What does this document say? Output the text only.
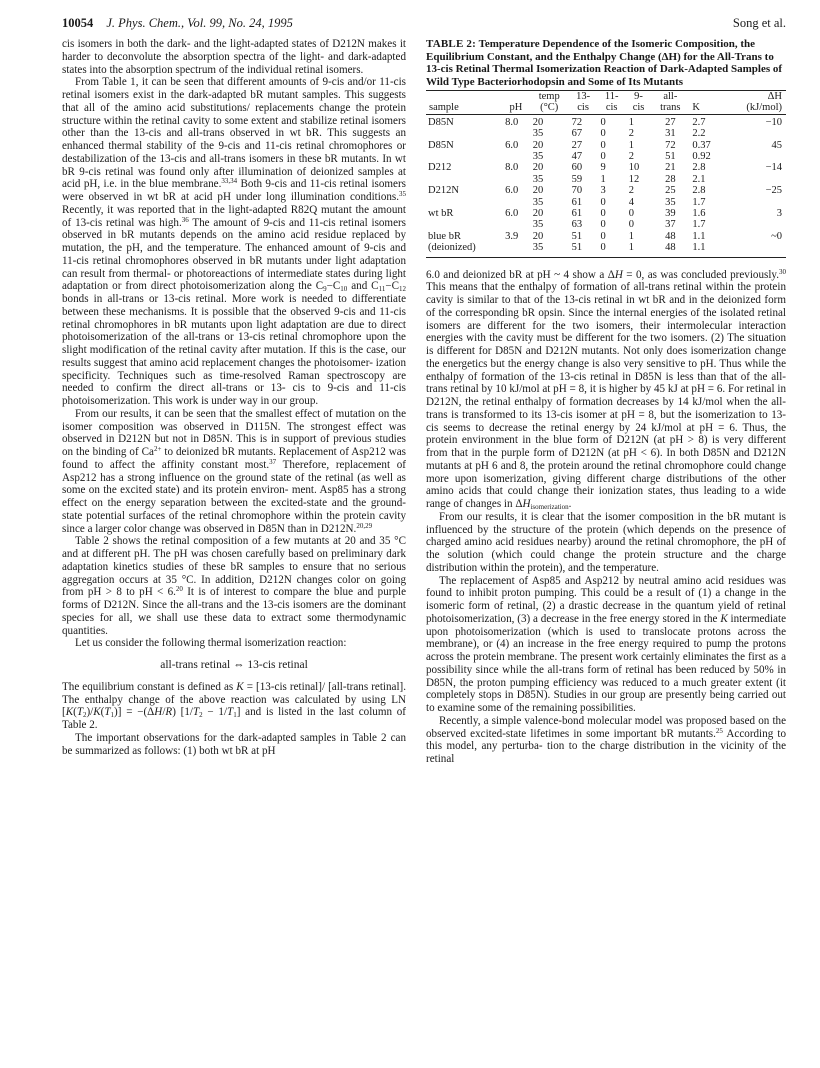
10054 J. Phys. Chem., Vol. 99, No. 24, 1995	Song et al.

cis isomers in both the dark- and the light-adapted states of D212N makes it harder to deconvolute the absorption spectra of the light- and dark-adapted states into the absorption spectrum of the individual retinal isomers.

From Table 1, it can be seen that different amounts of 9-cis and/or 11-cis retinal isomers exist in the dark-adapted bR mutant samples. This suggests that all of the amino acid substitutions/ replacements change the protein structure within the retinal cavity to some extent and stabilize retinal isomers other than the 13-cis and all-trans observed in wt bR. This suggests an enhanced thermal stability of the 9-cis and 11-cis retinal chromophores or destabilization of the 13-cis and all-trans isomers in these bR mutants. In wt bR 9-cis retinal was found only after illumination of deionized samples at acid pH, i.e. in the blue membrane.$^{33,34}$ Both 9-cis and 11-cis retinal isomers were observed in wt bR at acid pH under long illumination conditions.$^{35}$ Recently, it was reported that in the light-adapted R82Q mutant the amount of 13-cis retinal was high.$^{36}$ The amount of 9-cis and 11-cis retinal isomers observed in bR mutants depends on the amino acid residue replaced by mutation, the pH, and the temperature. The enhanced amount of 9-cis and 11-cis retinal chromophores observed in bR mutants under light adaptation can result from thermal- or photoreactions of intermediate states during light adaptation or from direct photoisomerization along the $C_9-C_{10}$ and $C_{11}-C_{12}$ bonds in all-trans or 13-cis retinal. More work is needed to differentiate between these mechanisms. It is possible that the observed 9-cis and 11-cis retinal chromophores in bR mutants upon light adaptation are due to direct photoisomerization of the all-trans or 13-cis retinal chromophore upon the slight modification of the retinal cavity after mutation. If this is the case, our results suggest that amino acid replacement changes the photoisomer- ization specificity. Techniques such as time-resolved Raman spectroscopy are needed to confirm the direct all-trans or 13- cis to 9-cis and 11-cis photoisomerization. This work is under way in our group.

From our results, it can be seen that the smallest effect of mutation on the isomer composition was observed in D115N. The strongest effect was observed in D212N but not in D85N. This is in support of previous studies on the binding of $Ca^{2+}$ to deionized bR mutants. Replacement of Asp212 was found to affect the affinity constant most.$^{37}$ Therefore, replacement of Asp212 has a strong influence on the ground state of the retinal (as well as some on the excited state) and its protein environ- ment. Asp85 has a strong effect on the energy separation between the excited-state and the ground-state potential surfaces of the retinal chromophore within the protein cavity since a larger color change was observed in D85N than in D212N.$^{20,29}$

Table 2 shows the retinal composition of a few mutants at 20 and 35 °C and at different pH. The pH was chosen carefully based on preliminary dark adaptation kinetics studies of these bR samples to ensure that no serious aggregation occurs at 35 °C. In addition, D212N changes color on going from pH > 8 to pH < 6.20 It is of interest to compare the blue and purple forms of D212N. Since the all-trans and the 13-cis isomers are the dominant species for all, we shall use these data to extract some thermodynamic quantities.

Let us consider the following thermal isomerization reaction:

all-trans retinal ⇔ 13-cis retinal

The equilibrium constant is defined as K = [13-cis retinal]/ [all-trans retinal]. The enthalpy change of the above reaction was calculated by using LN $[K(T_2)/K(T_1)] = -(\Delta H/R) [1/T_2 - 1/T_1]$ and is listed in the last column of Table 2.

The important observations for the dark-adapted samples in Table 2 can be summarized as follows: (1) both wt bR at pH

TABLE 2: Temperature Dependence of the Isomeric Composition, the Equilibrium Constant, and the Enthalpy Change (ΔH) for the All-Trans to 13-cis Retinal Thermal Isomerization Reaction of Dark-Adapted Samples of Wild Type Bacteriorhodopsin and Some of Its Mutants
		temp	13-	11-	9-	all-		ΔH
sample	pH	(°C)	cis	cis	cis	trans	K	(kJ/mol)
D85N	8.0	20	72	0	1	27	2.7	−10
		35	67	0	2	31	2.2	
D85N	6.0	20	27	0	1	72	0.37	45
		35	47	0	2	51	0.92	
D212	8.0	20	60	9	10	21	2.8	−14
		35	59	1	12	28	2.1	
D212N	6.0	20	70	3	2	25	2.8	−25
		35	61	0	4	35	1.7	
wt bR	6.0	20	61	0	0	39	1.6	3
		35	63	0	0	37	1.7	
blue bR	3.9	20	51	0	1	48	1.1	~0
(deionized)		35	51	0	1	48	1.1	

6.0 and deionized bR at pH ~ 4 show a ΔH = 0, as was concluded previously.$^{30}$ This means that the enthalpy of formation of all-trans retinal within the protein cavity is similar to that of the 13-cis retinal in wt bR and in the deionized form of the corresponding bR opsin. Since the internal energies of the isolated retinal isomers are different for the two isomers, their intermolecular interaction energies with the cavity must be different for the two isomers. (2) The situation is different for D85N and D212N mutants. Not only does isomerization change the energetics but the energy change is also very sensitive to pH. Thus while the enthalpy of formation of the 13-cis retinal in D85N is less than that of the all-trans retinal by 10 kJ/mol at pH = 8, it is higher by 45 kJ at pH = 6. For retinal in D212N, the retinal enthalpy of formation decreases by 14 kJ/mol when the all-trans is transformed to its 13-cis isomer at pH = 8, but the isomerization to 13-cis seems to decrease the retinal energy by 24 kJ/mol at pH = 6. Thus, the protein environment in the blue form of D212N (at pH > 8) is very different from that in the purple form of D212N (at pH < 6). In both D85N and D212N mutants at pH 6 and 8, the protein around the retinal chromophore could change more upon isomerization, giving different charge distributions of the other amino acids that could change their ionization states, thus leading to a wide range of changes in $\Delta H_{isomerization}$.

From our results, it is clear that the isomer composition in the bR mutant is influenced by the structure of the protein (which depends on the presence of charged amino acid residues nearby) around the retinal chromophore, the pH of the solution (which could change the protein structure and the charge distribution within the protein), and the temperature.

The replacement of Asp85 and Asp212 by neutral amino acid residues was found to inhibit proton pumping. This could be a result of (1) a change in the isomeric form of retinal, (2) a drastic decrease in the quantum yield of retinal photoisomerization, (3) a decrease in the free energy stored in the K intermediate upon photoisomerization (which is used to translocate protons across the membrane), or (4) an increase in the free energy required to pump the protons across the protein membrane. The present work certainly eliminates the first as a possibility since while the all-trans form of retinal has been reduced by 50% in D85N, the proton pumping efficiency was reduced to a much greater extent (it completely stops in D85N). Studies in our group are presently being carried out to examine some of the remaining possibilities.

Recently, a simple valence-bond molecular model was proposed based on the observed excited-state lifetimes in some important bR mutants.$^{25}$ According to this model, any perturba- tion to the charge distribution in the vicinity of the retinal
